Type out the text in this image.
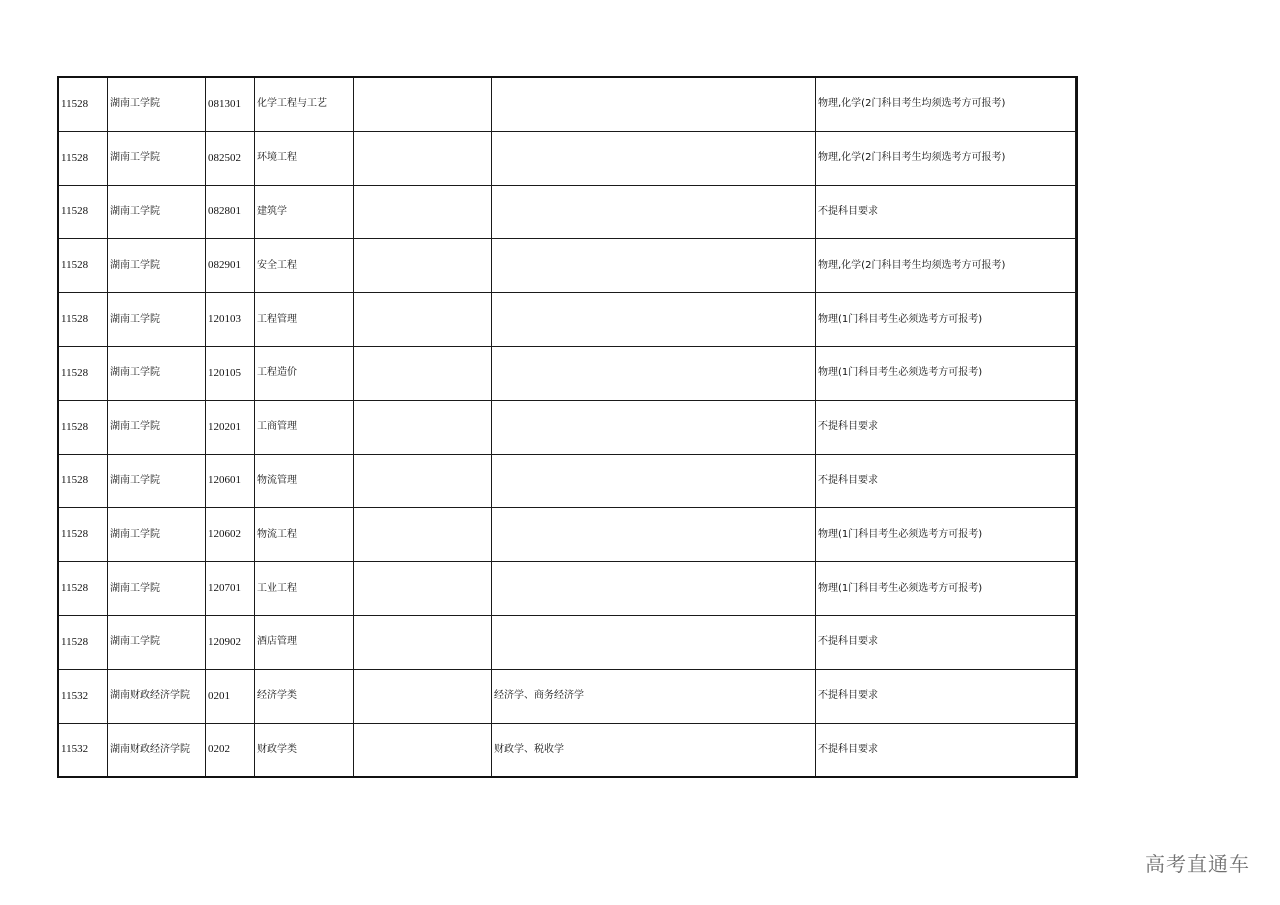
11528	湖南工学院	081301	化学工程与工艺			物理,化学(2门科目考生均须选考方可报考)
11528	湖南工学院	082502	环境工程			物理,化学(2门科目考生均须选考方可报考)
11528	湖南工学院	082801	建筑学			不提科目要求
11528	湖南工学院	082901	安全工程			物理,化学(2门科目考生均须选考方可报考)
11528	湖南工学院	120103	工程管理			物理(1门科目考生必须选考方可报考)
11528	湖南工学院	120105	工程造价			物理(1门科目考生必须选考方可报考)
11528	湖南工学院	120201	工商管理			不提科目要求
11528	湖南工学院	120601	物流管理			不提科目要求
11528	湖南工学院	120602	物流工程			物理(1门科目考生必须选考方可报考)
11528	湖南工学院	120701	工业工程			物理(1门科目考生必须选考方可报考)
11528	湖南工学院	120902	酒店管理			不提科目要求
11532	湖南财政经济学院	0201	经济学类		经济学、商务经济学	不提科目要求
11532	湖南财政经济学院	0202	财政学类		财政学、税收学	不提科目要求
高考直通车
